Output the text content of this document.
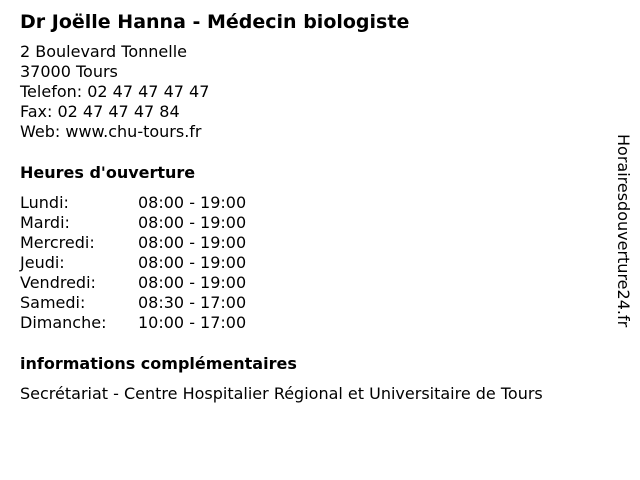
Dr Joëlle Hanna - Médecin biologiste
2 Boulevard Tonnelle
37000 Tours
Telefon: 02 47 47 47 47
Fax: 02 47 47 47 84
Web: www.chu-tours.fr
Heures d'ouverture
Lundi:	08:00 - 19:00
Mardi:	08:00 - 19:00
Mercredi:	08:00 - 19:00
Jeudi:	08:00 - 19:00
Vendredi:	08:00 - 19:00
Samedi:	08:30 - 17:00
Dimanche:	10:00 - 17:00
informations complémentaires
Secrétariat - Centre Hospitalier Régional et Universitaire de Tours
Horairesdouverture24.fr
